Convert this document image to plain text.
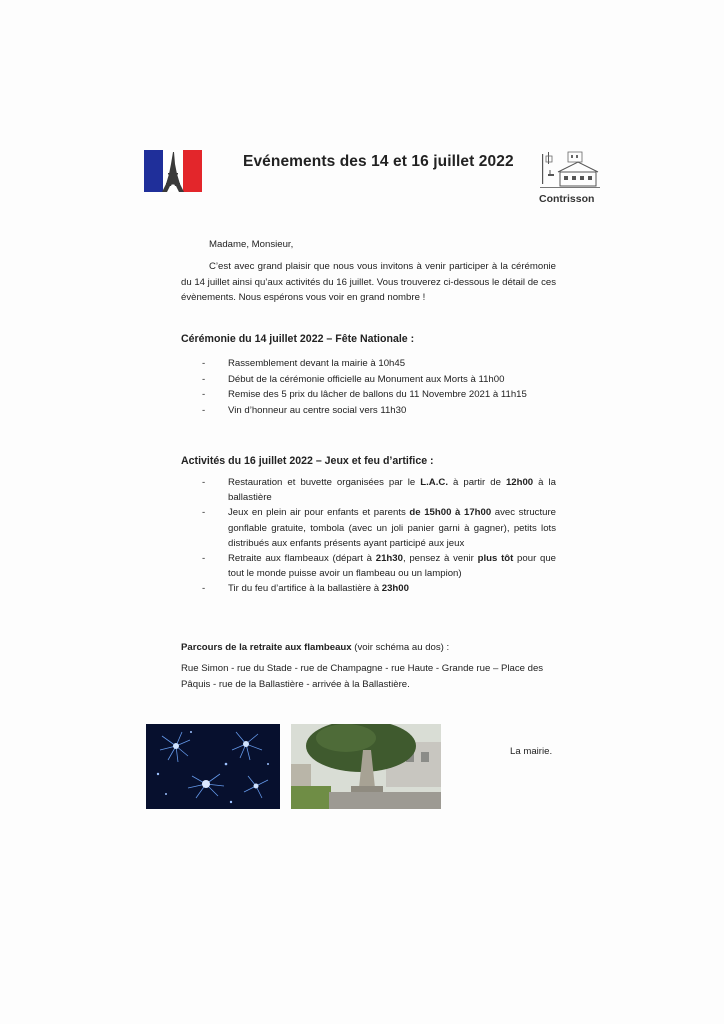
Evénements des 14 et 16 juillet 2022
Contrisson
Madame, Monsieur,
C’est avec grand plaisir que nous vous invitons à venir participer à la cérémonie du 14 juillet ainsi qu’aux activités du 16 juillet. Vous trouverez ci-dessous le détail de ces évènements. Nous espérons vous voir en grand nombre !
Cérémonie du 14 juillet 2022 – Fête Nationale :
- Rassemblement devant la mairie à 10h45
- Début de la cérémonie officielle au Monument aux Morts à 11h00
- Remise des 5 prix du lâcher de ballons du 11 Novembre 2021 à 11h15
- Vin d’honneur au centre social vers 11h30
Activités du 16 juillet 2022 – Jeux et feu d’artifice :
- Restauration et buvette organisées par le L.A.C. à partir de 12h00 à la ballastière
- Jeux en plein air pour enfants et parents de 15h00 à 17h00 avec structure gonflable gratuite, tombola (avec un joli panier garni à gagner), petits lots distribués aux enfants présents ayant participé aux jeux
- Retraite aux flambeaux (départ à 21h30, pensez à venir plus tôt pour que tout le monde puisse avoir un flambeau ou un lampion)
- Tir du feu d’artifice à la ballastière à 23h00
Parcours de la retraite aux flambeaux (voir schéma au dos) :
Rue Simon - rue du Stade - rue de Champagne - rue Haute - Grande rue – Place des Pâquis - rue de la Ballastière - arrivée à la Ballastière.
La mairie.
